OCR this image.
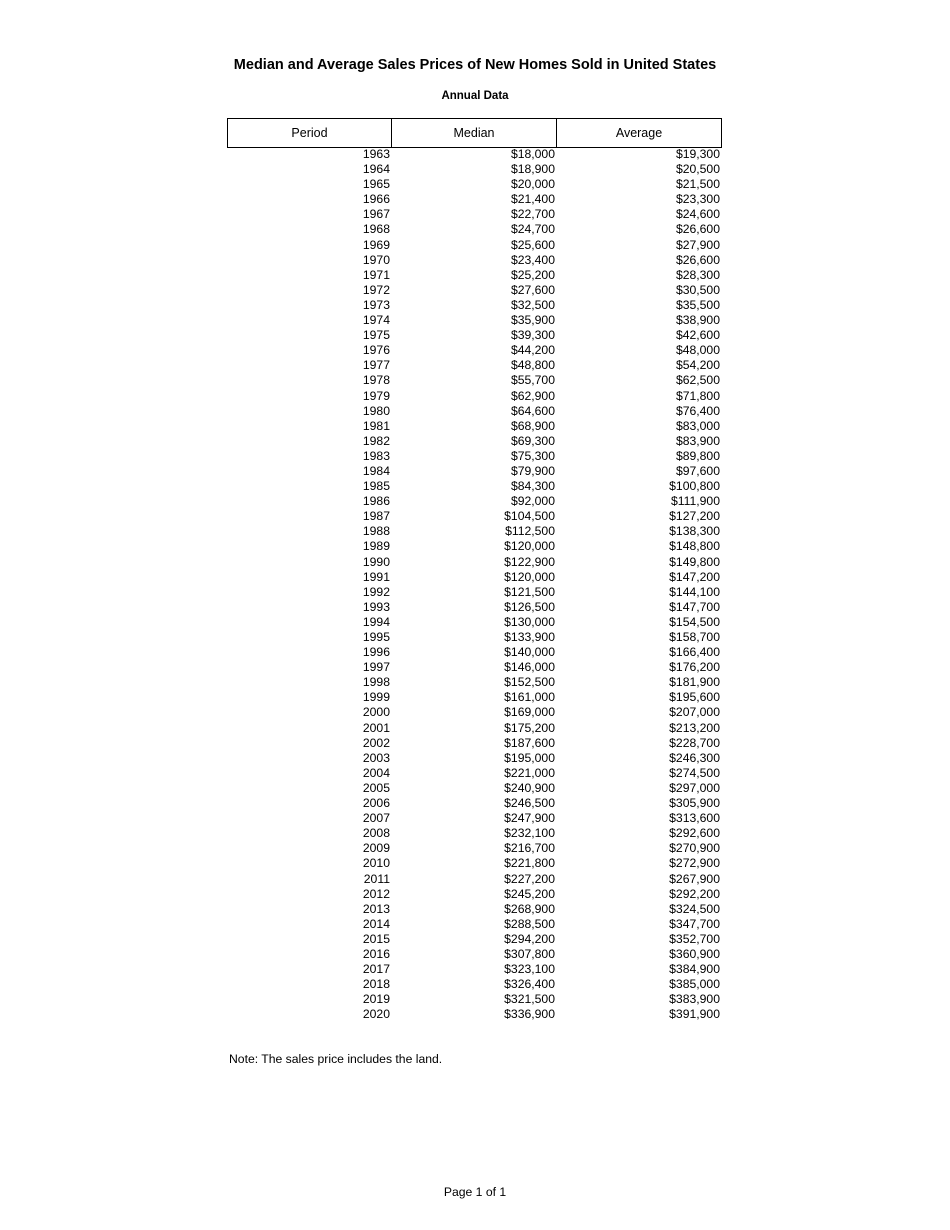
Median and Average Sales Prices of New Homes Sold in United States
Annual Data
Period	Median	Average
1963	$18,000	$19,300
1964	$18,900	$20,500
1965	$20,000	$21,500
1966	$21,400	$23,300
1967	$22,700	$24,600
1968	$24,700	$26,600
1969	$25,600	$27,900
1970	$23,400	$26,600
1971	$25,200	$28,300
1972	$27,600	$30,500
1973	$32,500	$35,500
1974	$35,900	$38,900
1975	$39,300	$42,600
1976	$44,200	$48,000
1977	$48,800	$54,200
1978	$55,700	$62,500
1979	$62,900	$71,800
1980	$64,600	$76,400
1981	$68,900	$83,000
1982	$69,300	$83,900
1983	$75,300	$89,800
1984	$79,900	$97,600
1985	$84,300	$100,800
1986	$92,000	$111,900
1987	$104,500	$127,200
1988	$112,500	$138,300
1989	$120,000	$148,800
1990	$122,900	$149,800
1991	$120,000	$147,200
1992	$121,500	$144,100
1993	$126,500	$147,700
1994	$130,000	$154,500
1995	$133,900	$158,700
1996	$140,000	$166,400
1997	$146,000	$176,200
1998	$152,500	$181,900
1999	$161,000	$195,600
2000	$169,000	$207,000
2001	$175,200	$213,200
2002	$187,600	$228,700
2003	$195,000	$246,300
2004	$221,000	$274,500
2005	$240,900	$297,000
2006	$246,500	$305,900
2007	$247,900	$313,600
2008	$232,100	$292,600
2009	$216,700	$270,900
2010	$221,800	$272,900
2011	$227,200	$267,900
2012	$245,200	$292,200
2013	$268,900	$324,500
2014	$288,500	$347,700
2015	$294,200	$352,700
2016	$307,800	$360,900
2017	$323,100	$384,900
2018	$326,400	$385,000
2019	$321,500	$383,900
2020	$336,900	$391,900
Note: The sales price includes the land.
Page 1 of 1
